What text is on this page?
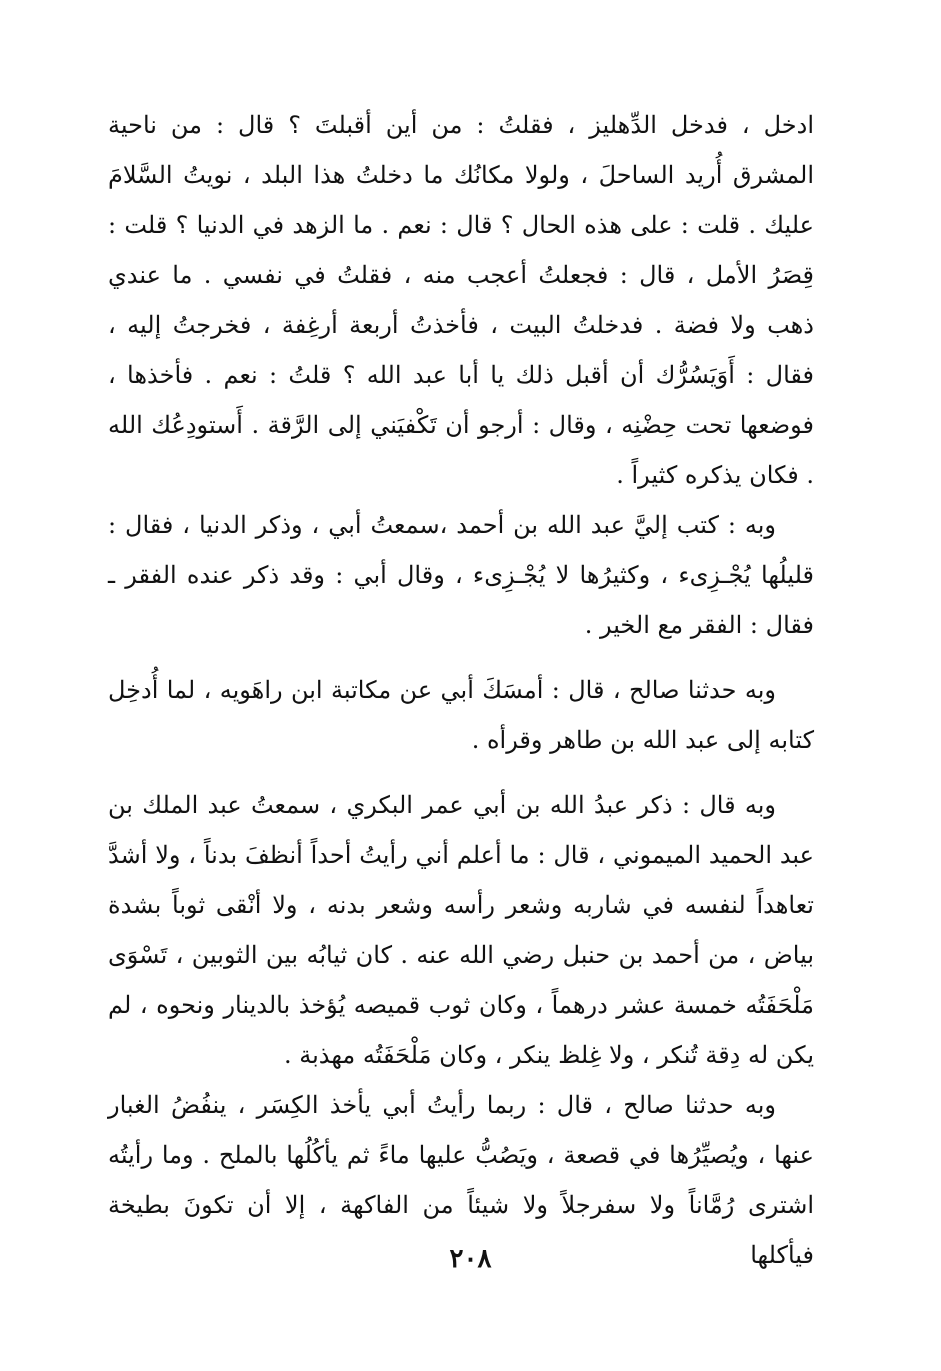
ادخل ، فدخل الدِّهليز ، فقلتُ : من أين أقبلتَ ؟ قال : من ناحية المشرق أُريد الساحلَ ، ولولا مكانُك ما دخلتُ هذا البلد ، نويتُ السَّلامَ عليك . قلت : على هذه الحال ؟ قال : نعم . ما الزهد في الدنيا ؟ قلت : قِصَرُ الأمل ، قال : فجعلتُ أعجب منه ، فقلتُ في نفسي . ما عندي ذهب ولا فضة . فدخلتُ البيت ، فأخذتُ أربعة أرغِفة ، فخرجتُ إليه ، فقال : أَوَيَسُرُّك أن أقبل ذلك يا أبا عبد الله ؟ قلتُ : نعم . فأخذها ، فوضعها تحت حِضْنِه ، وقال : أرجو أن تَكْفيَني إلى الرَّقة . أَستودِعُك الله . فكان يذكره كثيراً .

وبه : كتب إليَّ عبد الله بن أحمد ،سمعتُ أبي ، وذكر الدنيا ، فقال : قليلُها يُجْـزِىء ، وكثيرُها لا يُجْـزِىء ، وقال أبي : وقد ذكر عنده الفقر ـ فقال : الفقر مع الخير .

وبه حدثنا صالح ، قال : أمسَكَ أبي عن مكاتبة ابن راهَويه ، لما أُدخِل كتابه إلى عبد الله بن طاهر وقرأه .

وبه قال : ذكر عبدُ الله بن أبي عمر البكري ، سمعتُ عبد الملك بن عبد الحميد الميموني ، قال : ما أعلم أني رأيتُ أحداً أنظفَ بدناً ، ولا أشدَّ تعاهداً لنفسه في شاربه وشعر رأسه وشعر بدنه ، ولا أنْقى ثوباً بشدة بياض ، من أحمد بن حنبل رضي الله عنه . كان ثيابُه بين الثوبين ، تَسْوَى مَلْحَفَتُه خمسة عشر درهماً ، وكان ثوب قميصه يُؤخذ بالدينار ونحوه ، لم يكن له دِقة تُنكر ، ولا غِلظ ينكر ، وكان مَلْحَفَتُه مهذبة .

وبه حدثنا صالح ، قال : ربما رأيتُ أبي يأخذ الكِسَر ، ينفُضُ الغبار عنها ، ويُصيِّرُها في قصعة ، ويَصُبُّ عليها ماءً ثم يأكُلُها بالملح . وما رأيتُه اشترى رُمَّاناً ولا سفرجلاً ولا شيئاً من الفاكهة ، إلا أن تكونَ بطيخة فيأكلها

٢٠٨
